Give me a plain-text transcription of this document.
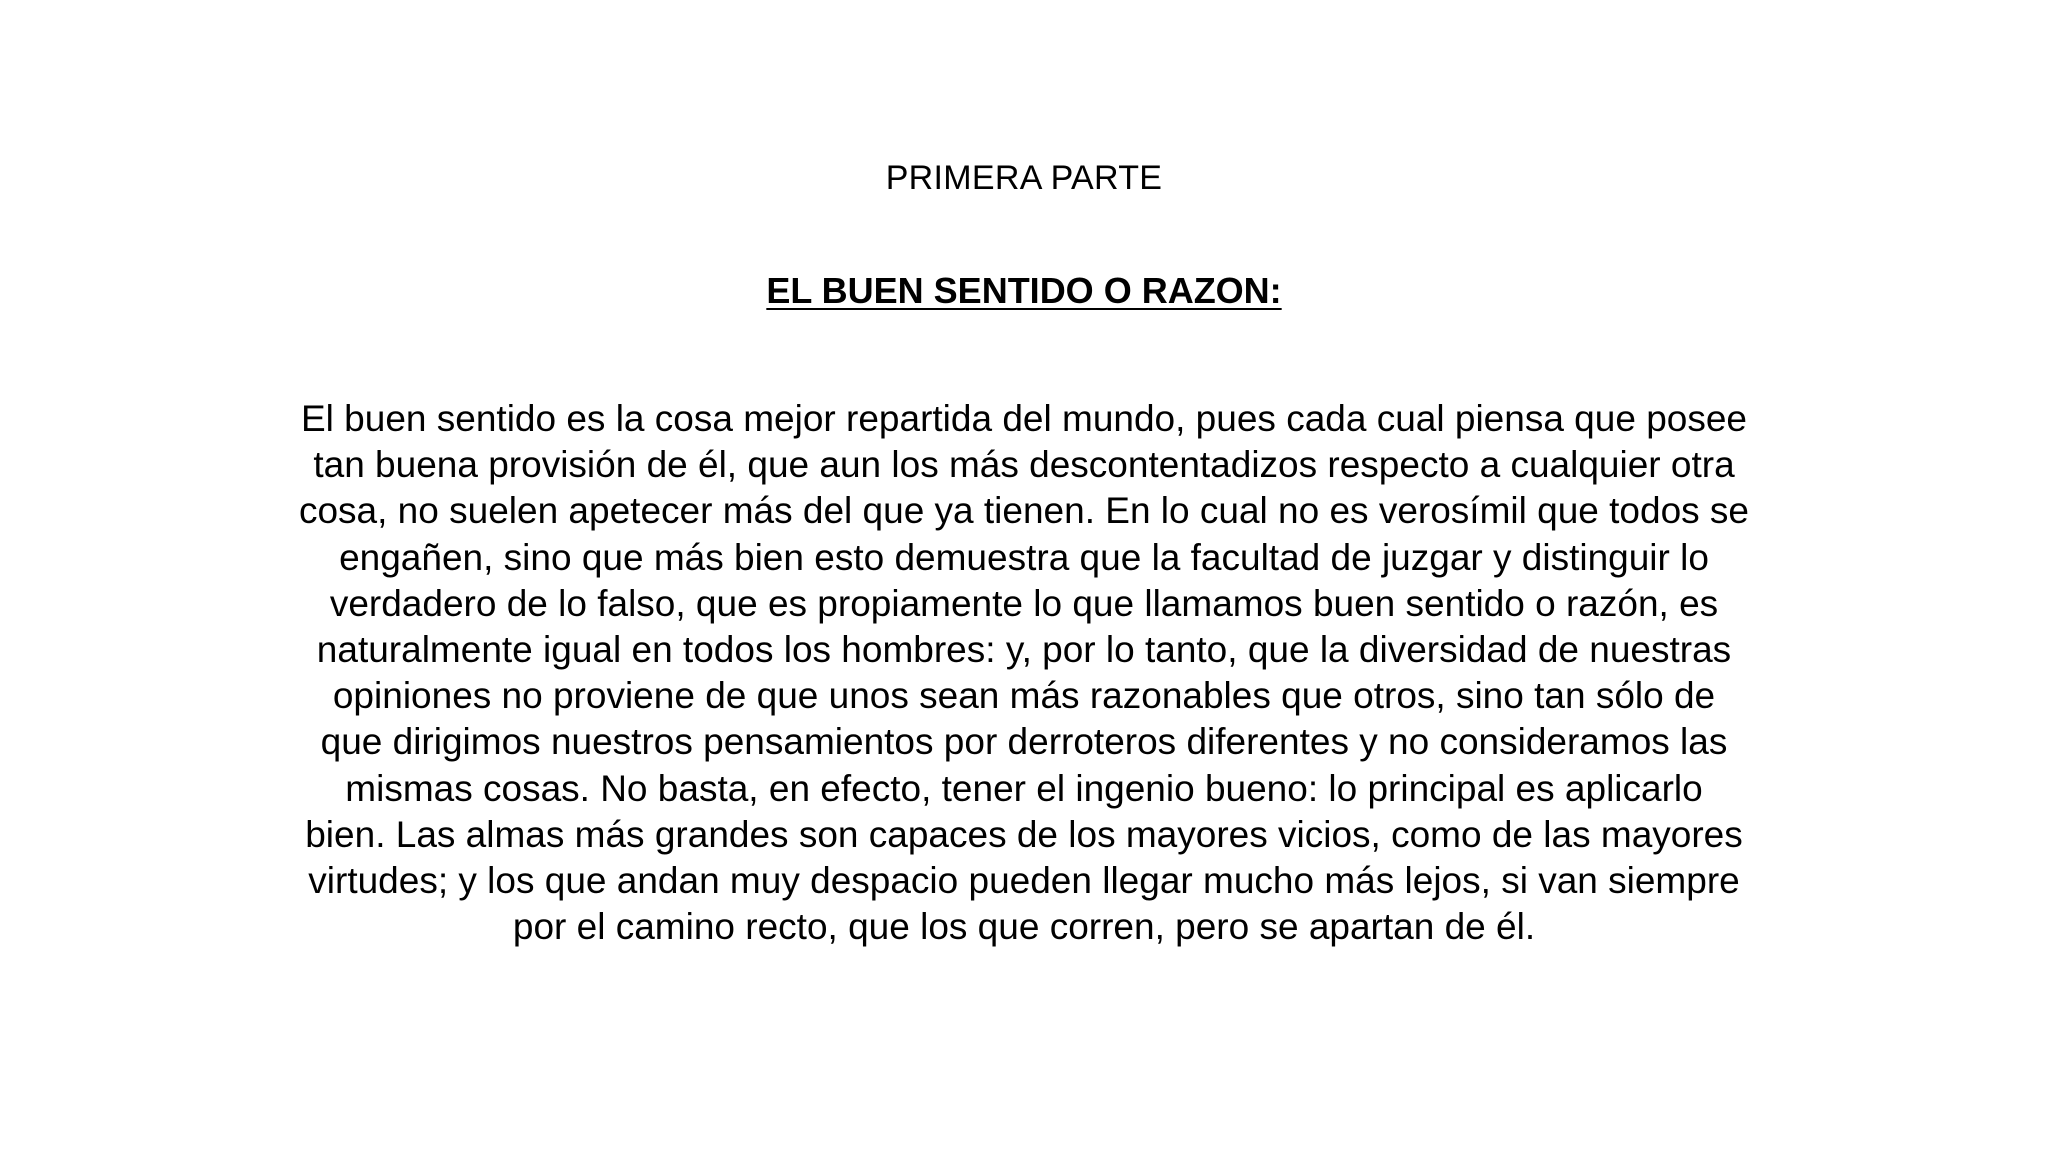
PRIMERA PARTE
EL BUEN SENTIDO O RAZON:

El buen sentido es la cosa mejor repartida del mundo, pues cada cual piensa que posee
tan buena provisión de él, que aun los más descontentadizos respecto a cualquier otra
cosa, no suelen apetecer más del que ya tienen. En lo cual no es verosímil que todos se
engañen, sino que más bien esto demuestra que la facultad de juzgar y distinguir lo
verdadero de lo falso, que es propiamente lo que llamamos buen sentido o razón, es
naturalmente igual en todos los hombres: y, por lo tanto, que la diversidad de nuestras
opiniones no proviene de que unos sean más razonables que otros, sino tan sólo de
que dirigimos nuestros pensamientos por derroteros diferentes y no consideramos las
mismas cosas. No basta, en efecto, tener el ingenio bueno: lo principal es aplicarlo
bien. Las almas más grandes son capaces de los mayores vicios, como de las mayores
virtudes; y los que andan muy despacio pueden llegar mucho más lejos, si van siempre
por el camino recto, que los que corren, pero se apartan de él.
